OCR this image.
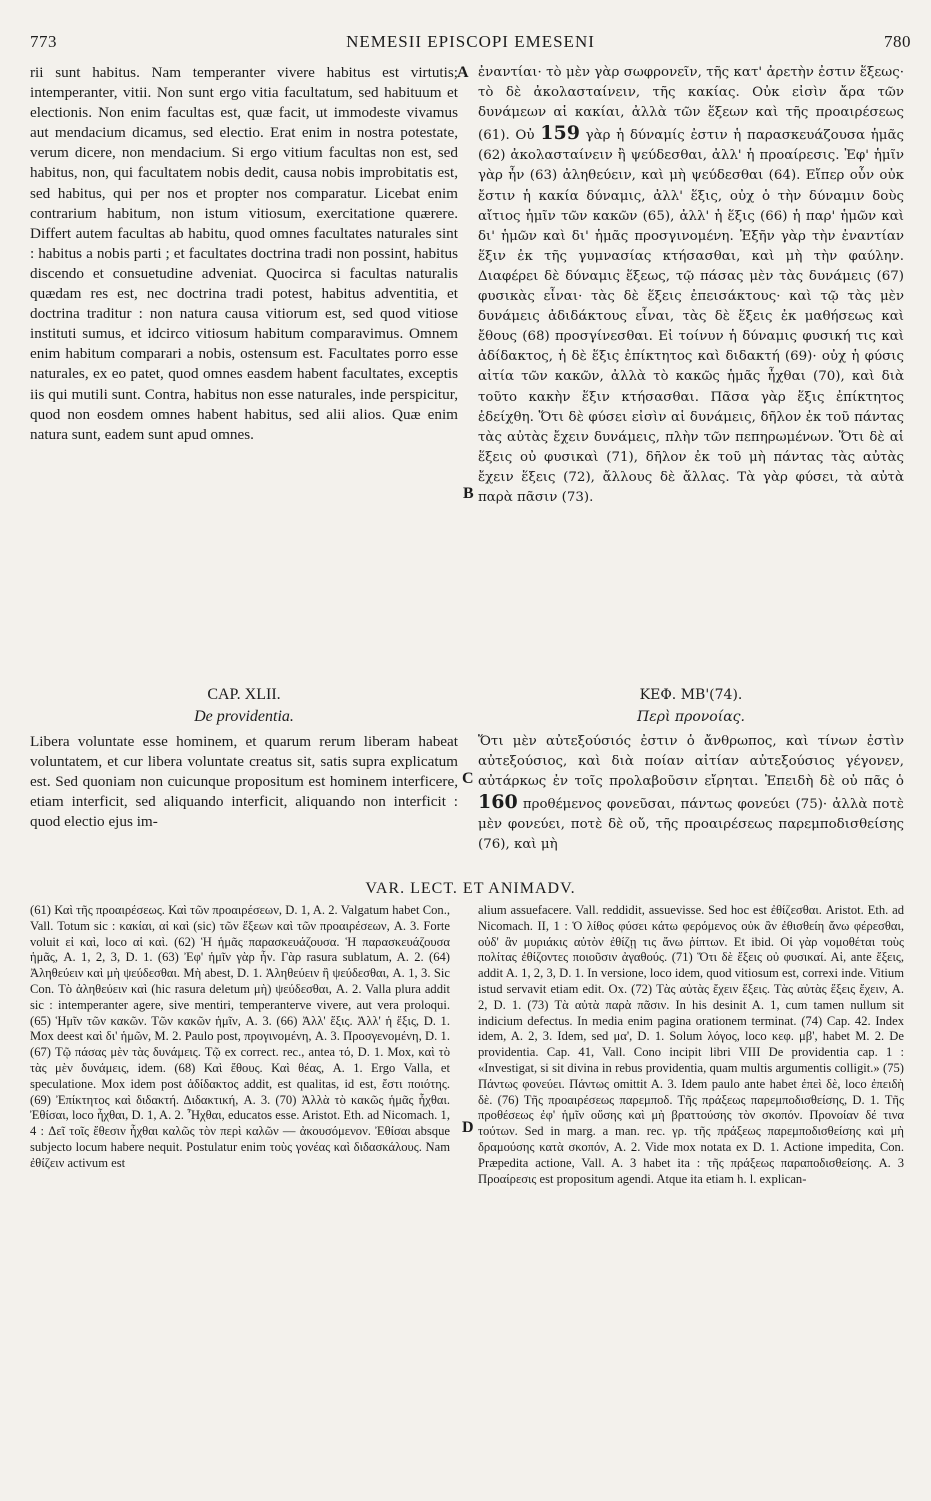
773	NEMESII EPISCOPI EMESENI	780
A
B
C
D

rii sunt habitus. Nam temperanter vivere habitus est virtutis; intemperanter, vitii. Non sunt ergo vitia facultatum, sed habituum et electionis. Non enim facultas est, quæ facit, ut immodeste vivamus aut mendacium dicamus, sed electio. Erat enim in nostra potestate, verum dicere, non mendacium. Si ergo vitium facultas non est, sed habitus, non, qui facultatem nobis dedit, causa nobis improbitatis est, sed habitus, qui per nos et propter nos comparatur. Licebat enim contrarium habitum, non istum vitiosum, exercitatione quærere. Differt autem facultas ab habitu, quod omnes facultates naturales sint : habitus a nobis parti ; et facultates doctrina tradi non possint, habitus discendo et consuetudine adveniat. Quocirca si facultas naturalis quædam res est, nec doctrina tradi potest, habitus adventitia, et doctrina traditur : non natura causa vitiorum est, sed quod vitiose instituti sumus, et idcirco vitiosum habitum comparavimus. Omnem enim habitum comparari a nobis, ostensum est. Facultates porro esse naturales, ex eo patet, quod omnes easdem habent facultates, exceptis iis qui mutili sunt. Contra, habitus non esse naturales, inde perspicitur, quod non eosdem omnes habent habitus, sed alii alios. Quæ enim natura sunt, eadem sunt apud omnes.

ἐναντίαι· τὸ μὲν γὰρ σωφρονεῖν, τῆς κατ' ἀρετὴν ἐστιν ἕξεως· τὸ δὲ ἀκολασταίνειν, τῆς κακίας. Οὐκ εἰσὶν ἄρα τῶν δυνάμεων αἱ κακίαι, ἀλλὰ τῶν ἕξεων καὶ τῆς προαιρέσεως (61). Οὐ 159 γὰρ ἡ δύναμίς ἐστιν ἡ παρασκευάζουσα ἡμᾶς (62) ἀκολασταίνειν ἢ ψεύδεσθαι, ἀλλ' ἡ προαίρεσις. Ἐφ' ἡμῖν γὰρ ἦν (63) ἀληθεύειν, καὶ μὴ ψεύδεσθαι (64). Εἴπερ οὖν οὐκ ἔστιν ἡ κακία δύναμις, ἀλλ' ἕξις, οὐχ ὁ τὴν δύναμιν δοὺς αἴτιος ἡμῖν τῶν κακῶν (65), ἀλλ' ἡ ἕξις (66) ἡ παρ' ἡμῶν καὶ δι' ἡμῶν καὶ δι' ἡμᾶς προσγινομένη. Ἐξῆν γὰρ τὴν ἐναντίαν ἕξιν ἐκ τῆς γυμνασίας κτήσασθαι, καὶ μὴ τὴν φαύλην. Διαφέρει δὲ δύναμις ἕξεως, τῷ πάσας μὲν τὰς δυνάμεις (67) φυσικὰς εἶναι· τὰς δὲ ἕξεις ἐπεισάκτους· καὶ τῷ τὰς μὲν δυνάμεις ἀδιδάκτους εἶναι, τὰς δὲ ἕξεις ἐκ μαθήσεως καὶ ἔθους (68) προσγίνεσθαι. Εἰ τοίνυν ἡ δύναμις φυσική τις καὶ ἀδίδακτος, ἡ δὲ ἕξις ἐπίκτητος καὶ διδακτή (69)· οὐχ ἡ φύσις αἰτία τῶν κακῶν, ἀλλὰ τὸ κακῶς ἡμᾶς ἦχθαι (70), καὶ διὰ τοῦτο κακὴν ἕξιν κτήσασθαι. Πᾶσα γὰρ ἕξις ἐπίκτητος ἐδείχθη. Ὅτι δὲ φύσει εἰσὶν αἱ δυνάμεις, δῆλον ἐκ τοῦ πάντας τὰς αὐτὰς ἔχειν δυνάμεις, πλὴν τῶν πεπηρωμένων. Ὅτι δὲ αἱ ἕξεις οὐ φυσικαὶ (71), δῆλον ἐκ τοῦ μὴ πάντας τὰς αὐτὰς ἔχειν ἕξεις (72), ἄλλους δὲ ἄλλας. Τὰ γὰρ φύσει, τὰ αὐτὰ παρὰ πᾶσιν (73).

CAP. XLII.
De providentia.
ΚΕΦ. ΜΒ'(74).
Περὶ προνοίας.

Libera voluntate esse hominem, et quarum rerum liberam habeat voluntatem, et cur libera voluntate creatus sit, satis supra explicatum est. Sed quoniam non cuicunque propositum est hominem interficere, etiam interficit, sed aliquando interficit, aliquando non interficit : quod electio ejus im-

Ὅτι μὲν αὐτεξούσιός ἐστιν ὁ ἄνθρωπος, καὶ τίνων ἐστὶν αὐτεξούσιος, καὶ διὰ ποίαν αἰτίαν αὐτεξούσιος γέγονεν, αὐτάρκως ἐν τοῖς προλαβοῦσιν εἴρηται. Ἐπειδὴ δὲ οὐ πᾶς ὁ 160 προθέμενος φονεῦσαι, πάντως φονεύει (75)· ἀλλὰ ποτὲ μὲν φονεύει, ποτὲ δὲ οὔ, τῆς προαιρέσεως παρεμποδισθείσης (76), καὶ μὴ

VAR. LECT. ET ANIMADV.

(61) Καὶ τῆς προαιρέσεως. Καὶ τῶν προαιρέσεων, D. 1, A. 2. Valgatum habet Con., Vall. Totum sic : κακίαι, αἱ καὶ (sic) τῶν ἕξεων καὶ τῶν προαιρέσεων, A. 3. Forte voluit εἰ καὶ, loco αἱ καὶ. (62) Ἡ ἡμᾶς παρασκευάζουσα. Ἡ παρασκευάζουσα ἡμᾶς, A. 1, 2, 3, D. 1. (63) Ἐφ' ἡμῖν γὰρ ἦν. Γὰρ rasura sublatum, A. 2. (64) Ἀληθεύειν καὶ μὴ ψεύδεσθαι. Μὴ abest, D. 1. Ἀληθεύειν ἢ ψεύδεσθαι, A. 1, 3. Sic Con. Τὸ ἀληθεύειν καὶ (hic rasura deletum μὴ) ψεύδεσθαι, A. 2. Valla plura addit sic : intemperanter agere, sive mentiri, temperanterve vivere, aut vera proloqui. (65) Ἡμῖν τῶν κακῶν. Τῶν κακῶν ἡμῖν, A. 3. (66) Ἀλλ' ἕξις. Ἀλλ' ἡ ἕξις, D. 1. Mox deest καὶ δι' ἡμῶν, M. 2. Paulo post, προγινομένη, A. 3. Προσγενομένη, D. 1. (67) Τῷ πάσας μὲν τὰς δυνάμεις. Τῷ ex correct. rec., antea τό, D. 1. Mox, καὶ τὸ τὰς μὲν δυνάμεις, idem. (68) Καὶ ἔθους. Καὶ θέας, A. 1. Ergo Valla, et speculatione. Mox idem post ἀδίδακτος addit, est qualitas, id est, ἔστι ποιότης. (69) Ἐπίκτητος καὶ διδακτή. Διδακτική, A. 3. (70) Ἀλλὰ τὸ κακῶς ἡμᾶς ἦχθαι. Ἐθίσαι, loco ἦχθαι, D. 1, A. 2. Ἦχθαι, educatos esse. Aristot. Eth. ad Nicomach. 1, 4 : Δεῖ τοῖς ἔθεσιν ἦχθαι καλῶς τὸν περὶ καλῶν — ἀκουσόμενον. Ἐθίσαι absque subjecto locum habere nequit. Postulatur enim τοὺς γονέας καὶ διδασκάλους. Nam ἐθίζειν activum est

alium assuefacere. Vall. reddidit, assuevisse. Sed hoc est ἐθίζεσθαι. Aristot. Eth. ad Nicomach. II, 1 : Ὁ λίθος φύσει κάτω φερόμενος οὐκ ἂν ἐθισθείη ἄνω φέρεσθαι, οὐδ' ἂν μυριάκις αὐτὸν ἐθίζῃ τις ἄνω ῥίπτων. Et ibid. Οἱ γὰρ νομοθέται τοὺς πολίτας ἐθίζοντες ποιοῦσιν ἀγαθούς. (71) Ὅτι δὲ ἕξεις οὐ φυσικαί. Αἱ, ante ἕξεις, addit A. 1, 2, 3, D. 1. In versione, loco idem, quod vitiosum est, correxi inde. Vitium istud servavit etiam edit. Ox. (72) Τὰς αὐτὰς ἔχειν ἕξεις. Τὰς αὐτὰς ἕξεις ἔχειν, A. 2, D. 1. (73) Τὰ αὐτὰ παρὰ πᾶσιν. In his desinit A. 1, cum tamen nullum sit indicium defectus. In media enim pagina orationem terminat. (74) Cap. 42. Index idem, A. 2, 3. Idem, sed μα', D. 1. Solum λόγος, loco κεφ. μβ', habet M. 2. De providentia. Cap. 41, Vall. Cono incipit libri VIII De providentia cap. 1 : «Investigat, si sit divina in rebus providentia, quam multis argumentis colligit.» (75) Πάντως φονεύει. Πάντως omittit A. 3. Idem paulo ante habet ἐπεὶ δὲ, loco ἐπειδὴ δὲ. (76) Τῆς προαιρέσεως παρεμποδ. Τῆς πράξεως παρεμποδισθείσης, D. 1. Τῆς προθέσεως ἐφ' ἡμῖν οὔσης καὶ μὴ βραττούσης τὸν σκοπόν. Προνοίαν δέ τινα τούτων. Sed in marg. a man. rec. γρ. τῆς πράξεως παρεμποδισθείσης καὶ μὴ δραμούσης κατὰ σκοπόν, A. 2. Vide mox notata ex D. 1. Actione impedita, Con. Præpedita actione, Vall. A. 3 habet ita : τῆς πράξεως παραποδισθείσης. A. 3 Προαίρεσις est propositum agendi. Atque ita etiam h. l. explican-
